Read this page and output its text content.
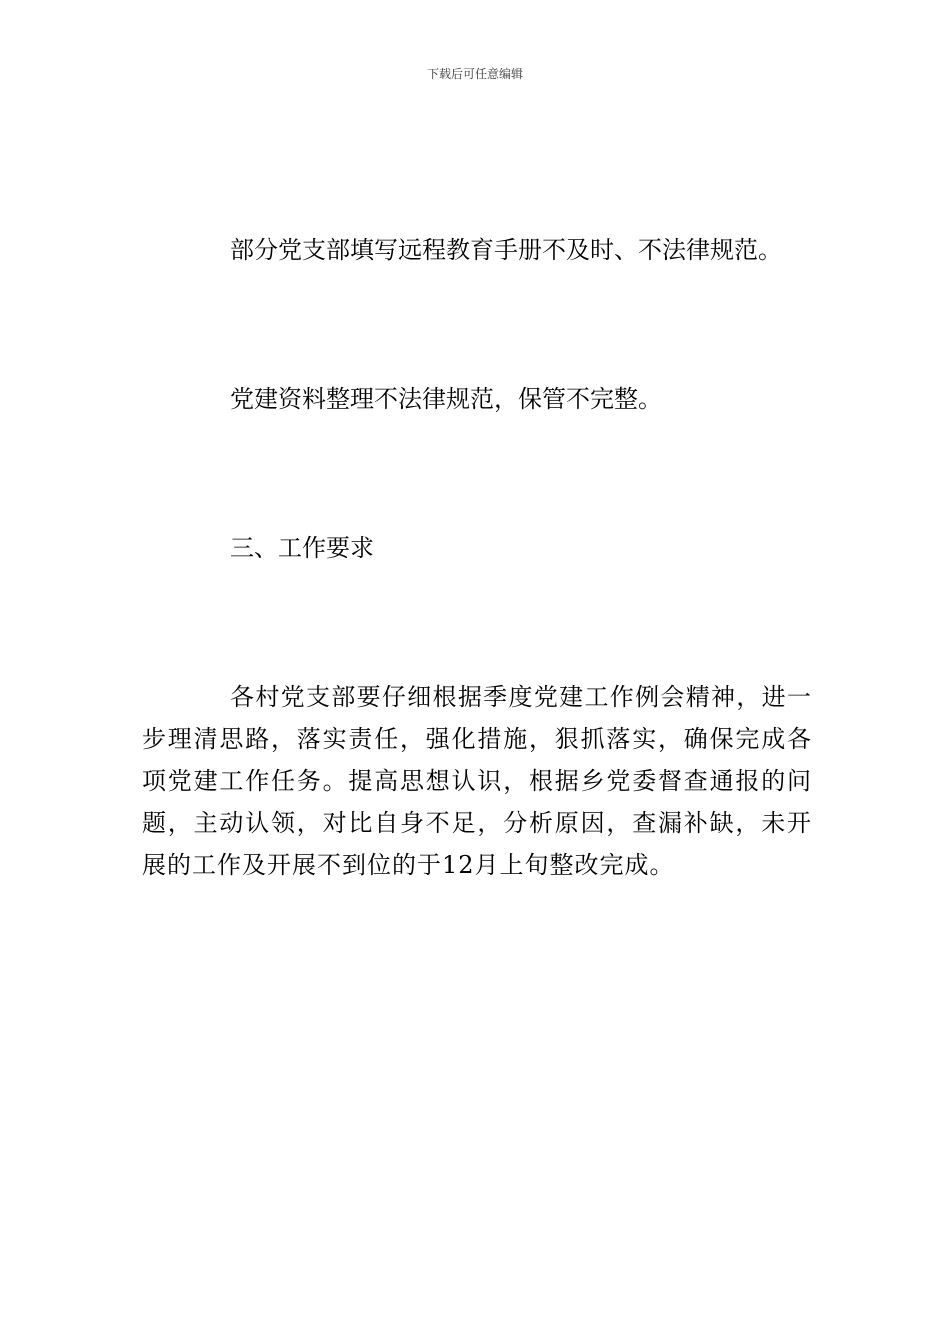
下载后可任意编辑
部分党支部填写远程教育手册不及时、不法律规范。
党建资料整理不法律规范，保管不完整。
三、工作要求
各村党支部要仔细根据季度党建工作例会精神，进一步理清思路，落实责任，强化措施，狠抓落实，确保完成各项党建工作任务。提高思想认识，根据乡党委督查通报的问题，主动认领，对比自身不足，分析原因，查漏补缺，未开展的工作及开展不到位的于12月上旬整改完成。
